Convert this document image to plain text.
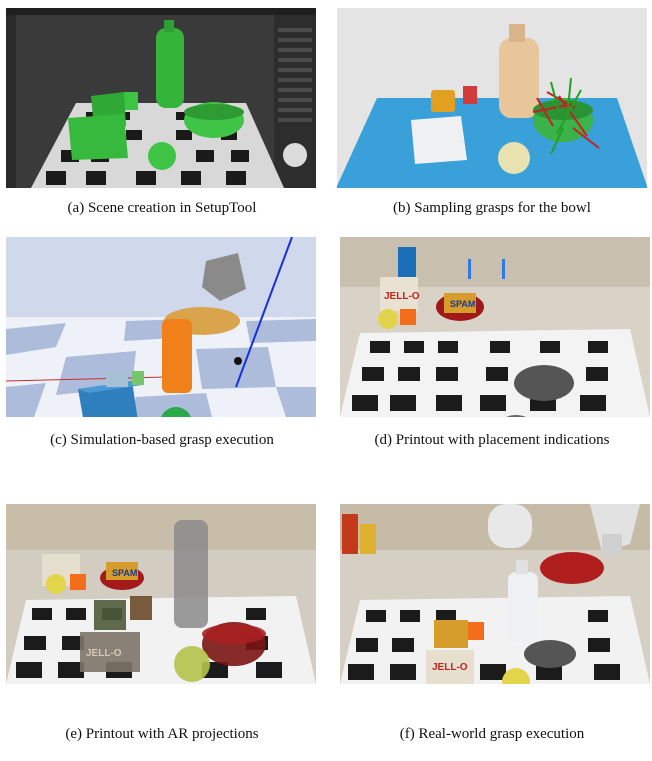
(a) Scene creation in SetupTool	(b) Sampling grasps for the bowl
(c) Simulation-based grasp execution
JELL-O
SPAM
(d) Printout with placement indications
SPAM
JELL-O
(e) Printout with AR projections
JELL-O
(f) Real-world grasp execution
